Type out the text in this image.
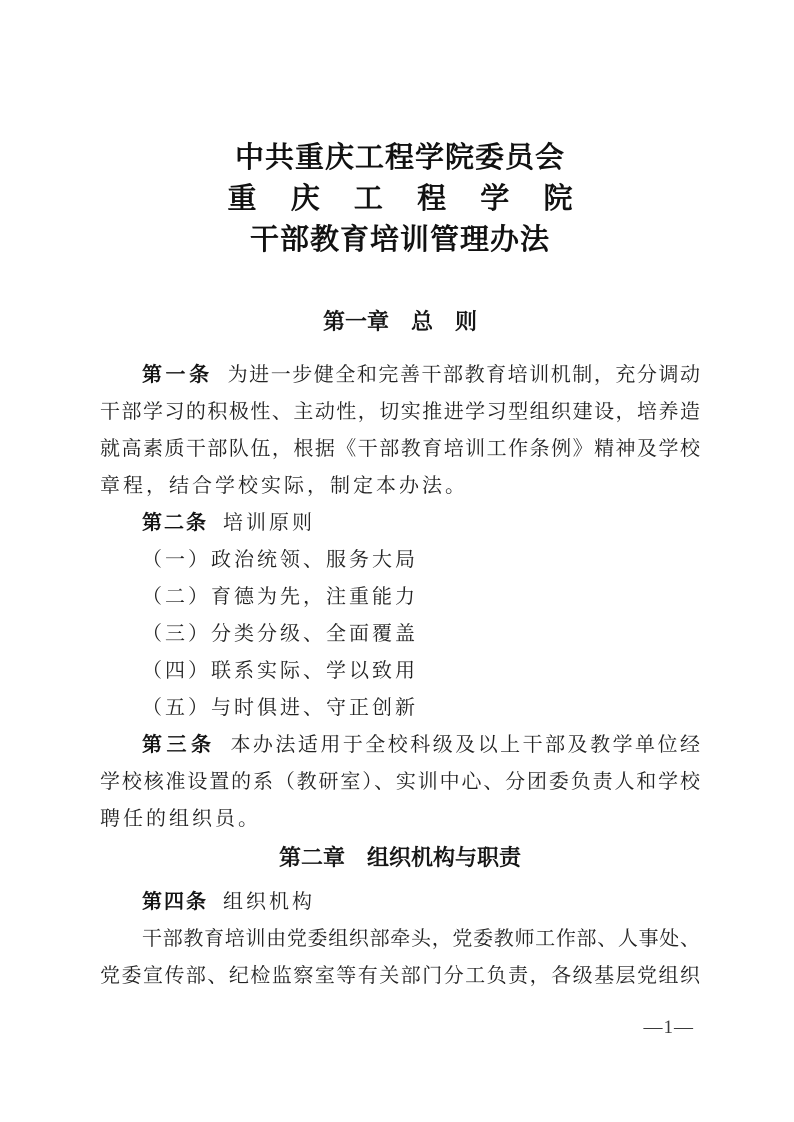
中共重庆工程学院委员会
重庆工程学院
干部教育培训管理办法
第一章　总　则
第一条 为进一步健全和完善干部教育培训机制，充分调动
干部学习的积极性、主动性，切实推进学习型组织建设，培养造
就高素质干部队伍，根据《干部教育培训工作条例》精神及学校
章程，结合学校实际，制定本办法。
第二条 培训原则
（一）政治统领、服务大局
（二）育德为先，注重能力
（三）分类分级、全面覆盖
（四）联系实际、学以致用
（五）与时俱进、守正创新
第三条 本办法适用于全校科级及以上干部及教学单位经
学校核准设置的系（教研室）、实训中心、分团委负责人和学校
聘任的组织员。
第二章　组织机构与职责
第四条 组织机构
干部教育培训由党委组织部牵头，党委教师工作部、人事处、
党委宣传部、纪检监察室等有关部门分工负责，各级基层党组织
—1—
